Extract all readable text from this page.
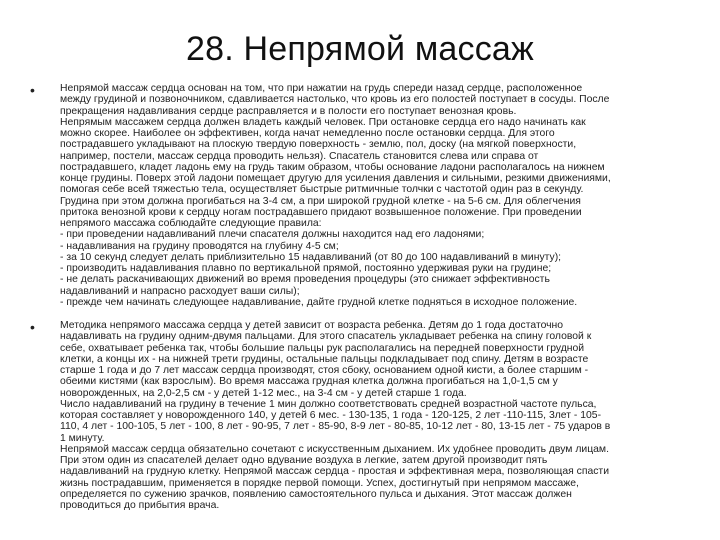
28. Непрямой массаж
• Непрямой массаж сердца основан на том, что при нажатии на грудь спереди назад сердце, расположенное
между грудиной и позвоночником, сдавливается настолько, что кровь из его полостей поступает в сосуды. После
прекращения надавливания сердце расправляется и в полости его поступает венозная кровь.
Непрямым массажем сердца должен владеть каждый человек. При остановке сердца его надо начинать как
можно скорее. Наиболее он эффективен, когда начат немедленно после остановки сердца. Для этого
пострадавшего укладывают на плоскую твердую поверхность - землю, пол, доску (на мягкой поверхности,
например, постели, массаж сердца проводить нельзя). Спасатель становится слева или справа от
пострадавшего, кладет ладонь ему на грудь таким образом, чтобы основание ладони располагалось на нижнем
конце грудины. Поверх этой ладони помещает другую для усиления давления и сильными, резкими движениями,
помогая себе всей тяжестью тела, осуществляет быстрые ритмичные толчки с частотой один раз в секунду.
Грудина при этом должна прогибаться на 3-4 см, а при широкой грудной клетке - на 5-6 см. Для облегчения
притока венозной крови к сердцу ногам пострадавшего придают возвышенное положение. При проведении
непрямого массажа соблюдайте следующие правила:
- при проведении надавливаний плечи спасателя должны находится над его ладонями;
- надавливания на грудину проводятся на глубину 4-5 см;
- за 10 секунд следует делать приблизительно 15 надавливаний (от 80 до 100 надавливаний в минуту);
- производить надавливания плавно по вертикальной прямой, постоянно удерживая руки на грудине;
- не делать раскачивающих движений во время проведения процедуры (это снижает эффективность
надавливаний и напрасно расходует ваши силы);
- прежде чем начинать следующее надавливание, дайте грудной клетке подняться в исходное положение.
• Методика непрямого массажа сердца у детей зависит от возраста ребенка. Детям до 1 года достаточно
надавливать на грудину одним-двумя пальцами. Для этого спасатель укладывает ребенка на спину головой к
себе, охватывает ребенка так, чтобы большие пальцы рук располагались на передней поверхности грудной
клетки, а концы их - на нижней трети грудины, остальные пальцы подкладывает под спину. Детям в возрасте
старше 1 года и до 7 лет массаж сердца производят, стоя сбоку, основанием одной кисти, а более старшим -
обеими кистями (как взрослым). Во время массажа грудная клетка должна прогибаться на 1,0-1,5 см у
новорожденных, на 2,0-2,5 см - у детей 1-12 мес., на 3-4 см - у детей старше 1 года.
Число надавливаний на грудину в течение 1 мин должно соответствовать средней возрастной частоте пульса,
которая составляет у новорожденного 140, у детей 6 мес. - 130-135, 1 года - 120-125, 2 лет -110-115, 3лет - 105-
110, 4 лет - 100-105, 5 лет - 100, 8 лет - 90-95, 7 лет - 85-90, 8-9 лет - 80-85, 10-12 лет - 80, 13-15 лет - 75 ударов в
1 минуту.
Непрямой массаж сердца обязательно сочетают с искусственным дыханием. Их удобнее проводить двум лицам.
При этом один из спасателей делает одно вдувание воздуха в легкие, затем другой производит пять
надавливаний на грудную клетку. Непрямой массаж сердца - простая и эффективная мера, позволяющая спасти
жизнь пострадавшим, применяется в порядке первой помощи. Успех, достигнутый при непрямом массаже,
определяется по сужению зрачков, появлению самостоятельного пульса и дыхания. Этот массаж должен
проводиться до прибытия врача.
